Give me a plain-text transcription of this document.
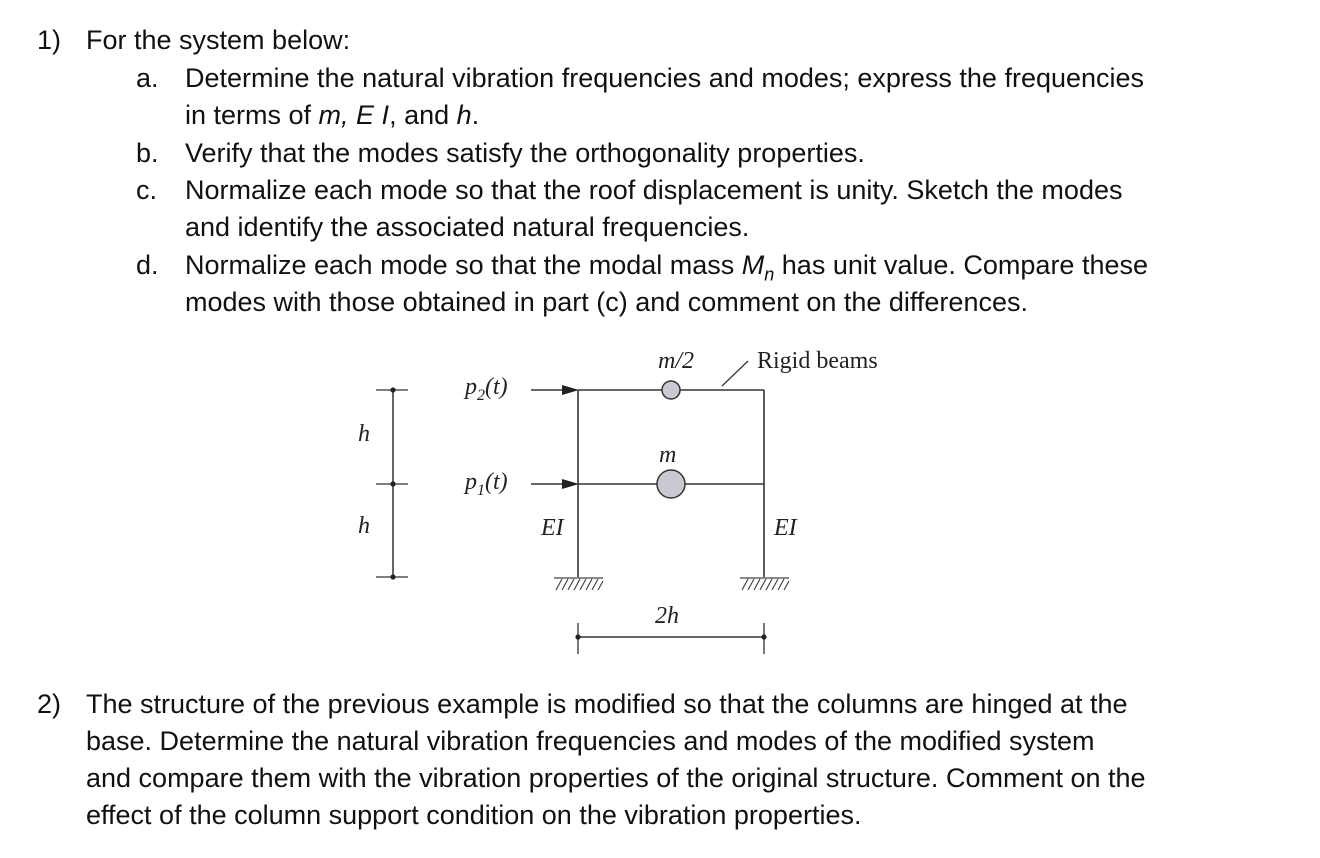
1) For the system below:
a. Determine the natural vibration frequencies and modes; express the frequencies
in terms of m, E I, and h.
b. Verify that the modes satisfy the orthogonality properties.
c. Normalize each mode so that the roof displacement is unity. Sketch the modes
and identify the associated natural frequencies.
d. Normalize each mode so that the modal mass $M_n$ has unit value. Compare these
modes with those obtained in part (c) and comment on the differences.
h
h
$p_2(t)$
$p_1(t)$
m/2
m
Rigid beams
EI	EI
2h
2) The structure of the previous example is modified so that the columns are hinged at the
base. Determine the natural vibration frequencies and modes of the modified system
and compare them with the vibration properties of the original structure. Comment on the
effect of the column support condition on the vibration properties.
